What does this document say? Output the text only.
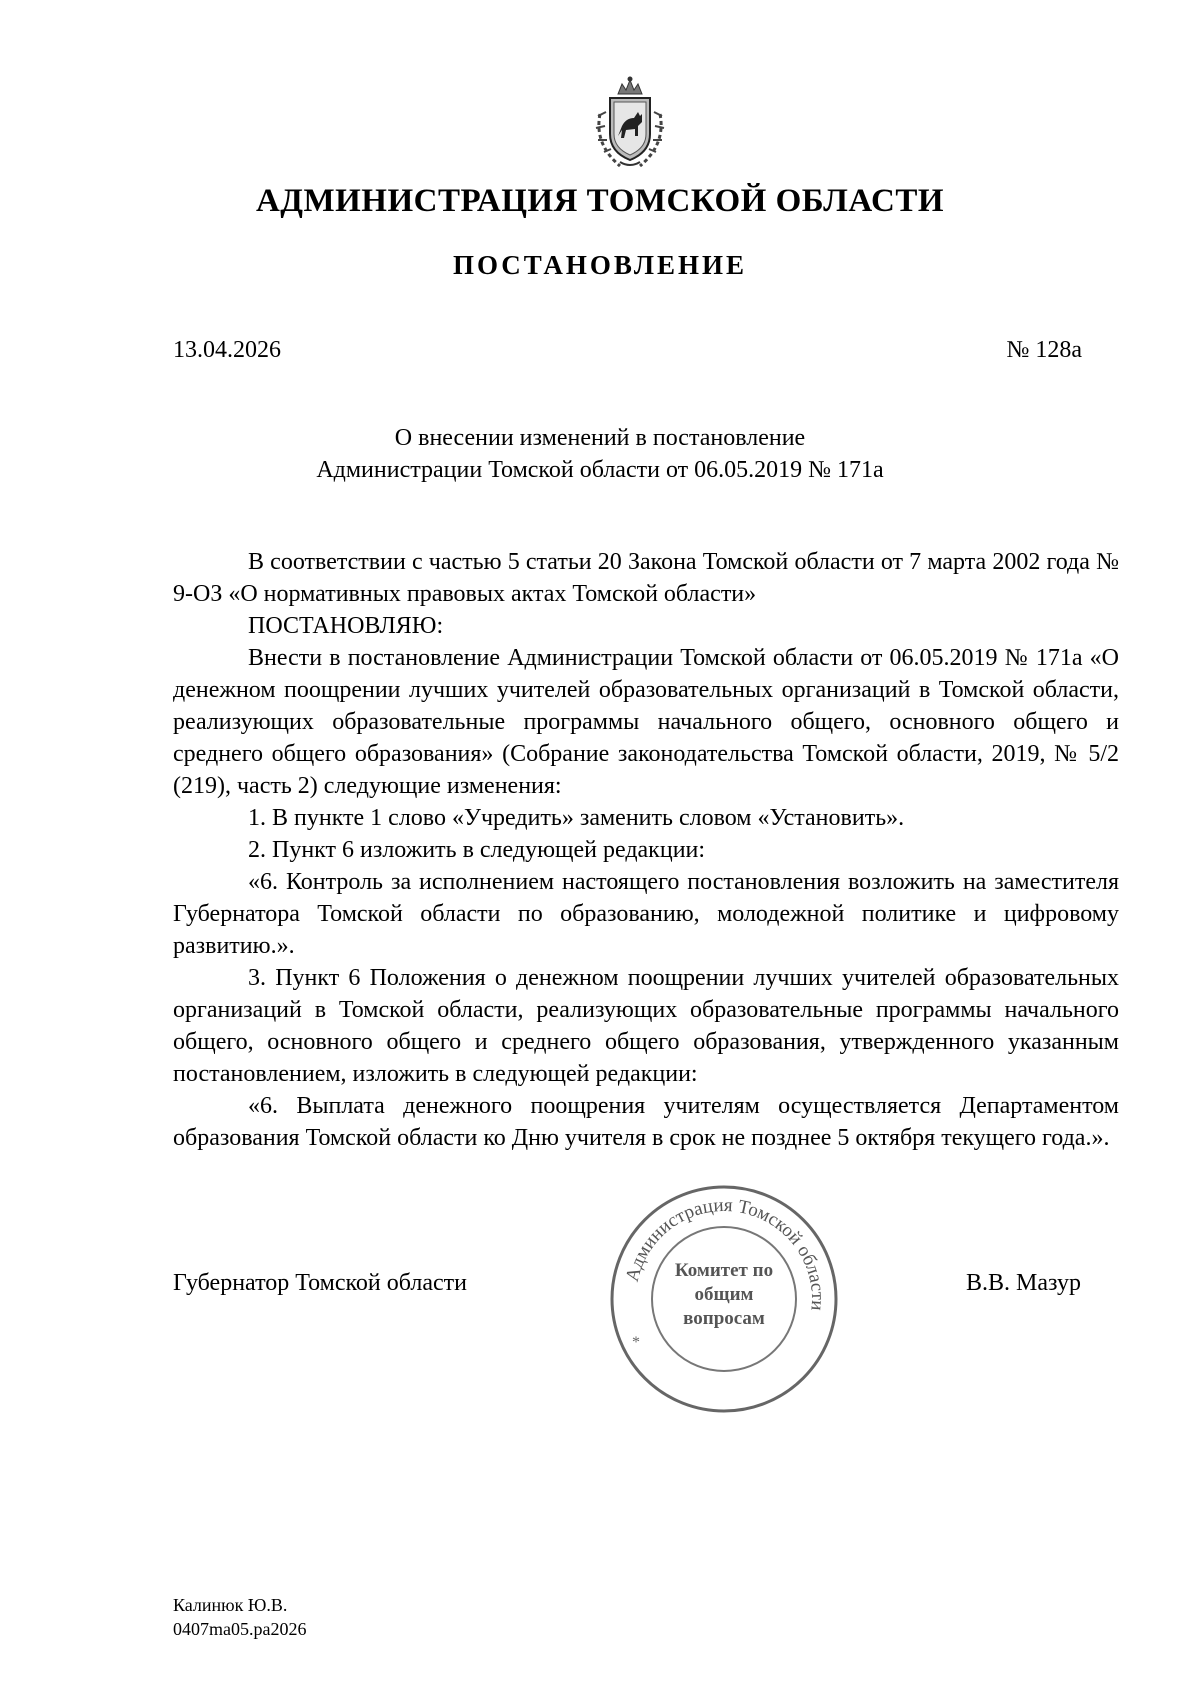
АДМИНИСТРАЦИЯ ТОМСКОЙ ОБЛАСТИ
ПОСТАНОВЛЕНИЕ
13.04.2026	№ 128а
О внесении изменений в постановление
Администрации Томской области от 06.05.2019 № 171а

В соответствии с частью 5 статьи 20 Закона Томской области от 7 марта 2002 года № 9-ОЗ «О нормативных правовых актах Томской области»

ПОСТАНОВЛЯЮ:

Внести в постановление Администрации Томской области от 06.05.2019 № 171а «О денежном поощрении лучших учителей образовательных организаций в Томской области, реализующих образовательные программы начального общего, основного общего и среднего общего образования» (Собрание законодательства Томской области, 2019, № 5/2 (219), часть 2) следующие изменения:

1. В пункте 1 слово «Учредить» заменить словом «Установить».

2. Пункт 6 изложить в следующей редакции:

«6. Контроль за исполнением настоящего постановления возложить на заместителя Губернатора Томской области по образованию, молодежной политике и цифровому развитию.».

3. Пункт 6 Положения о денежном поощрении лучших учителей образовательных организаций в Томской области, реализующих образовательные программы начального общего, основного общего и среднего общего образования, утвержденного указанным постановлением, изложить в следующей редакции:

«6. Выплата денежного поощрения учителям осуществляется Департаментом образования Томской области ко Дню учителя в срок не позднее 5 октября текущего года.».

Губернатор Томской области	Администрация Томской области
*
Комитет по общим вопросам
В.В. Мазур
Калинюк Ю.В.
0407ma05.pa2026
